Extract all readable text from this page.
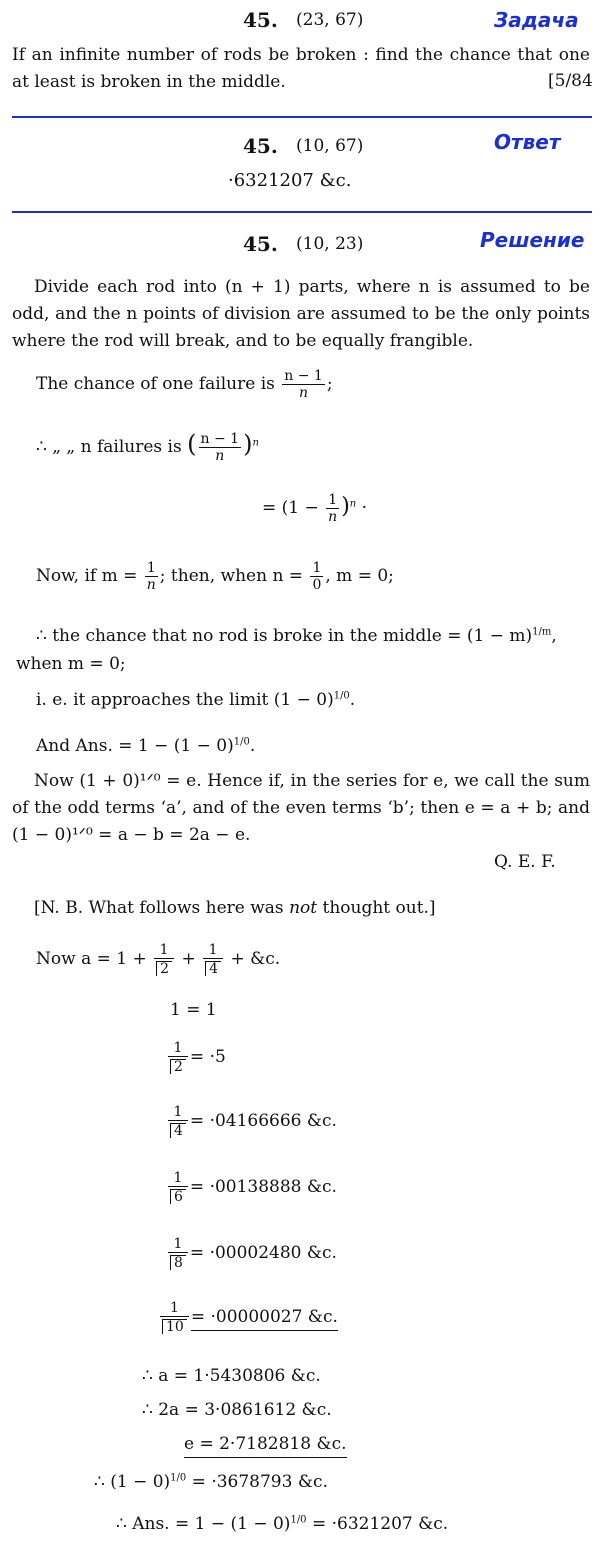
45. (23, 67)	Задача
If an infinite number of rods be broken : find the chance that one at least is broken in the middle.	[5/84
45. (10, 67)	Ответ
·6321207 &c.
45. (10, 23)	Решение
Divide each rod into (n + 1) parts, where n is assumed to be odd, and the n points of division are assumed to be the only points where the rod will break, and to be equally frangible.
The chance of one failure is $\frac{n - 1}{n}$ ;
∴ „ „ n failures is ( $\frac{n - 1}{n} )^n$
= $(1 - \frac{1}{n} )^n$ ·
Now, if $m = \frac{1}{n}$ ; then, when $n = \frac{1}{0}$ , m = 0;
∴ the chance that no rod is broke in the middle = $(1 - m)^{1/m}$,
when m = 0;
i. e. it approaches the limit $(1 - 0)^{1/0}$.
And Ans. = $1 - (1 - 0)^{1/0}$.
Now (1 + 0)¹ᐟ⁰ = e. Hence if, in the series for e, we call the sum of the odd terms ‘a’, and of the even terms ‘b’; then e = a + b; and (1 − 0)¹ᐟ⁰ = a − b = 2a − e.
Q. E. F.
[N. B. What follows here was not thought out.]
Now $a = 1 + \frac{1}{2} + \frac{1}{4}$ + &c.
1 = 1
$\frac{1}{2} = \cdot 5$
$\frac{1}{4} = \cdot 04166666$ &c.
$\frac{1}{6} = \cdot 00138888$ &c.
$\frac{1}{8} = \cdot 00002480$ &c.
$\frac{1}{10} = \cdot 00000027$ &c.
∴ a = 1·5430806 &c.
∴ 2a = 3·0861612 &c.
e = 2·7182818 &c.
∴ $(1 - 0)^{1/0} = \cdot 3678793$ &c.
∴ Ans. = $1 - (1 - 0)^{1/0} = \cdot 6321207$ &c.
